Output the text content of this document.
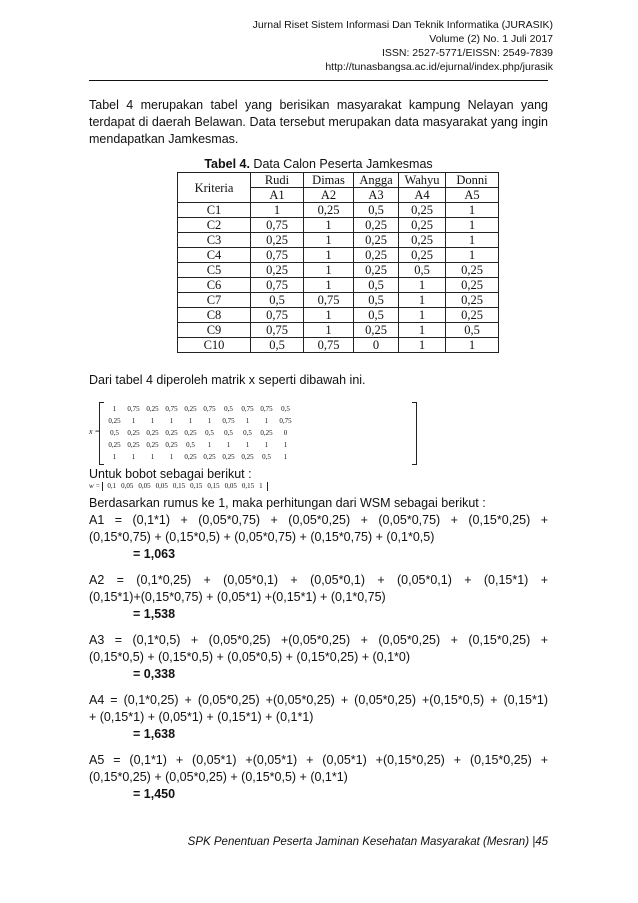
Jurnal Riset Sistem Informasi Dan Teknik Informatika (JURASIK)
Volume (2) No. 1 Juli 2017
ISSN: 2527-5771/EISSN: 2549-7839
http://tunasbangsa.ac.id/ejurnal/index.php/jurasik
Tabel 4 merupakan tabel yang berisikan masyarakat kampung Nelayan yang
terdapat di daerah Belawan. Data tersebut merupakan data masyarakat yang ingin
mendapatkan Jamkesmas.
Tabel 4. Data Calon Peserta Jamkesmas
Kriteria	Rudi	Dimas	Angga	Wahyu	Donni
	A1	A2	A3	A4	A5
C1	1	0,25	0,5	0,25	1
C2	0,75	1	0,25	0,25	1
C3	0,25	1	0,25	0,25	1
C4	0,75	1	0,25	0,25	1
C5	0,25	1	0,25	0,5	0,25
C6	0,75	1	0,5	1	0,25
C7	0,5	0,75	0,5	1	0,25
C8	0,75	1	0,5	1	0,25
C9	0,75	1	0,25	1	0,5
C10	0,5	0,75	0	1	1
Dari tabel 4 diperoleh matrik x seperti dibawah ini.
x =
1 0,75 0,25 0,75 0,25 0,75 0,5 0,75 0,75 0,5
0,25 1 1 1 1 1 0,75 1 1 0,75
0,5 0,25 0,25 0,25 0,25 0,5 0,5 0,5 0,25 0
0,25 0,25 0,25 0,25 0,5 1 1 1 1 1
1 1 1 1 0,25 0,25 0,25 0,25 0,5 1
Untuk bobot sebagai berikut :
w = 0,1 0,05 0,05 0,05 0,15 0,15 0,15 0,05 0,15 1
Berdasarkan rumus ke 1, maka perhitungan dari WSM sebagai berikut :
A1 = (0,1*1) + (0,05*0,75) + (0,05*0,25) + (0,05*0,75) + (0,15*0,25) +
(0,15*0,75) + (0,15*0,5) + (0,05*0,75) + (0,15*0,75) + (0,1*0,5)
= 1,063
A2 = (0,1*0,25) + (0,05*0,1) + (0,05*0,1) + (0,05*0,1) + (0,15*1) +
(0,15*1)+(0,15*0,75) + (0,05*1) +(0,15*1) + (0,1*0,75)
= 1,538
A3 = (0,1*0,5) + (0,05*0,25) +(0,05*0,25) + (0,05*0,25) + (0,15*0,25) +
(0,15*0,5) + (0,15*0,5) + (0,05*0,5) + (0,15*0,25) + (0,1*0)
= 0,338
A4 = (0,1*0,25) + (0,05*0,25) +(0,05*0,25) + (0,05*0,25) +(0,15*0,5) + (0,15*1)
+ (0,15*1) + (0,05*1) + (0,15*1) + (0,1*1)
= 1,638
A5 = (0,1*1) + (0,05*1) +(0,05*1) + (0,05*1) +(0,15*0,25) + (0,15*0,25) +
(0,15*0,25) + (0,05*0,25) + (0,15*0,5) + (0,1*1)
= 1,450
SPK Penentuan Peserta Jaminan Kesehatan Masyarakat (Mesran) |45
